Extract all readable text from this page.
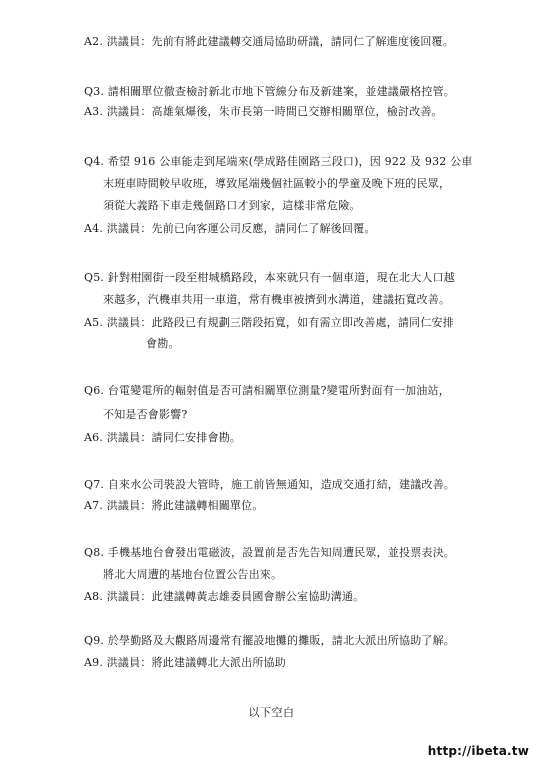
A2. 洪議員：先前有將此建議轉交通局協助研議，請同仁了解進度後回覆。
Q3. 請相關單位徹查檢討新北市地下管線分布及新建案，並建議嚴格控管。
A3. 洪議員：高雄氣爆後，朱市長第一時間已交辦相關單位，檢討改善。
Q4. 希望 916 公車能走到尾端來(學成路佳園路三段口)，因 922 及 932 公車
末班車時間較早收班，導致尾端幾個社區較小的學童及晚下班的民眾，
須從大義路下車走幾個路口才到家，這樣非常危險。
A4. 洪議員：先前已向客運公司反應，請同仁了解後回覆。
Q5. 針對柑園街一段至柑城橋路段，本來就只有一個車道，現在北大人口越
來越多，汽機車共用一車道，常有機車被擠到水溝道，建議拓寬改善。
A5. 洪議員：此路段已有規劃三階段拓寬，如有需立即改善處，請同仁安排
會勘。
Q6. 台電變電所的輻射值是否可請相關單位測量?變電所對面有一加油站，
不知是否會影響?
A6. 洪議員：請同仁安排會勘。
Q7. 自來水公司裝設大管時，施工前皆無通知，造成交通打結，建議改善。
A7. 洪議員：將此建議轉相關單位。
Q8. 手機基地台會發出電磁波，設置前是否先告知周遭民眾，並投票表決。
將北大周遭的基地台位置公告出來。
A8. 洪議員：此建議轉黃志雄委員國會辦公室協助溝通。
Q9. 於學勤路及大觀路周邊常有擺設地攤的攤販，請北大派出所協助了解。
A9. 洪議員：將此建議轉北大派出所協助
以下空白
http://ibeta.tw
